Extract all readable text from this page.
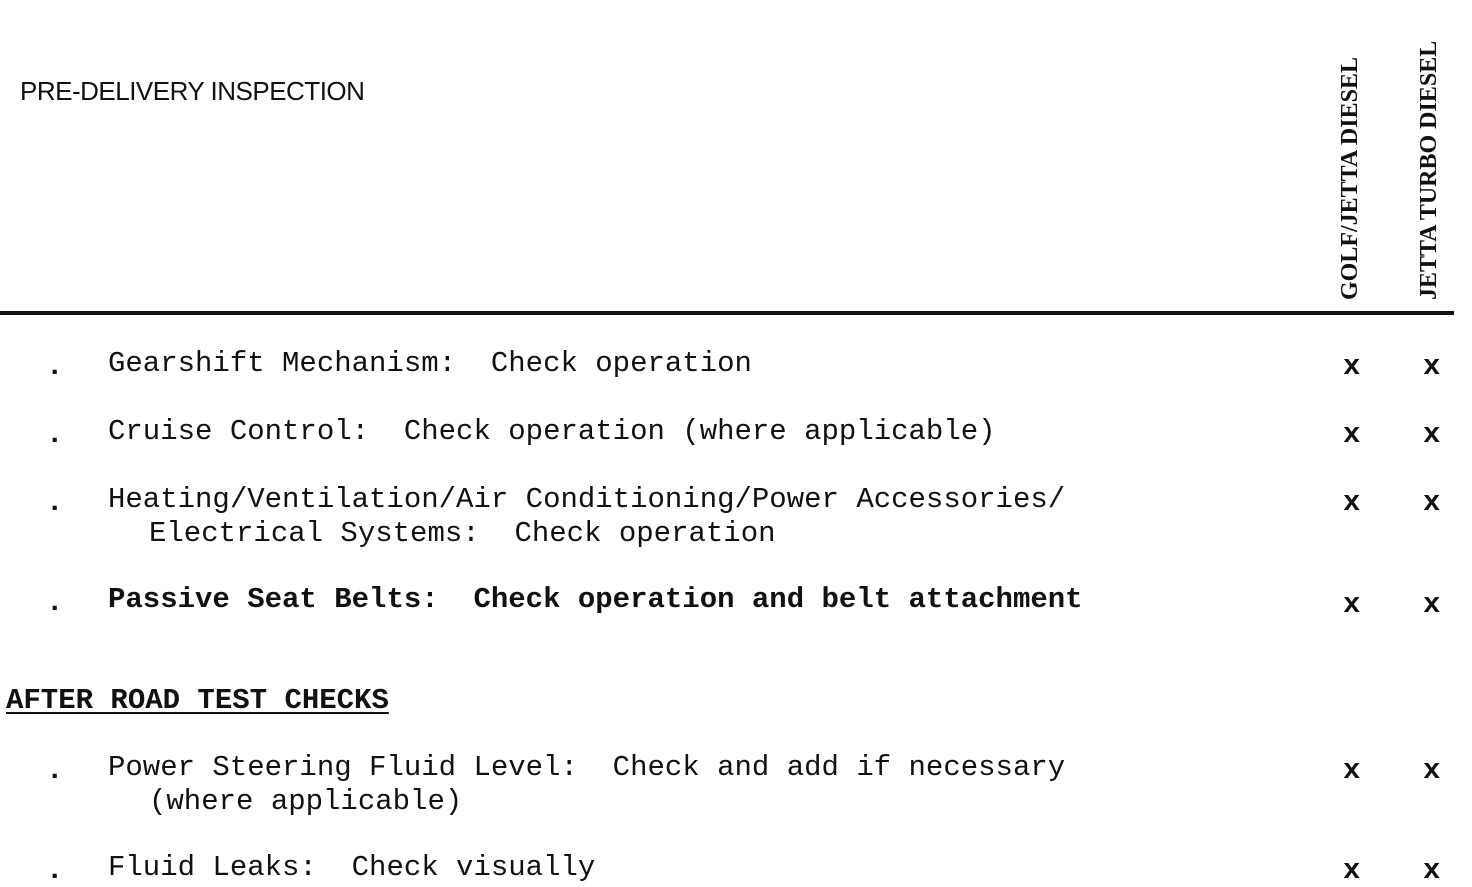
PRE-DELIVERY INSPECTION	GOLF/JETTA DIESEL JETTA TURBO DIESEL
. Gearshift Mechanism:  Check operation	x x
. Cruise Control:  Check operation (where applicable)	x x
. Heating/Ventilation/Air Conditioning/Power Accessories/
Electrical Systems:  Check operation
x x
. Passive Seat Belts:  Check operation and belt attachment	x x
AFTER ROAD TEST CHECKS
. Power Steering Fluid Level:  Check and add if necessary
(where applicable)
x x
. Fluid Leaks:  Check visually	x x
